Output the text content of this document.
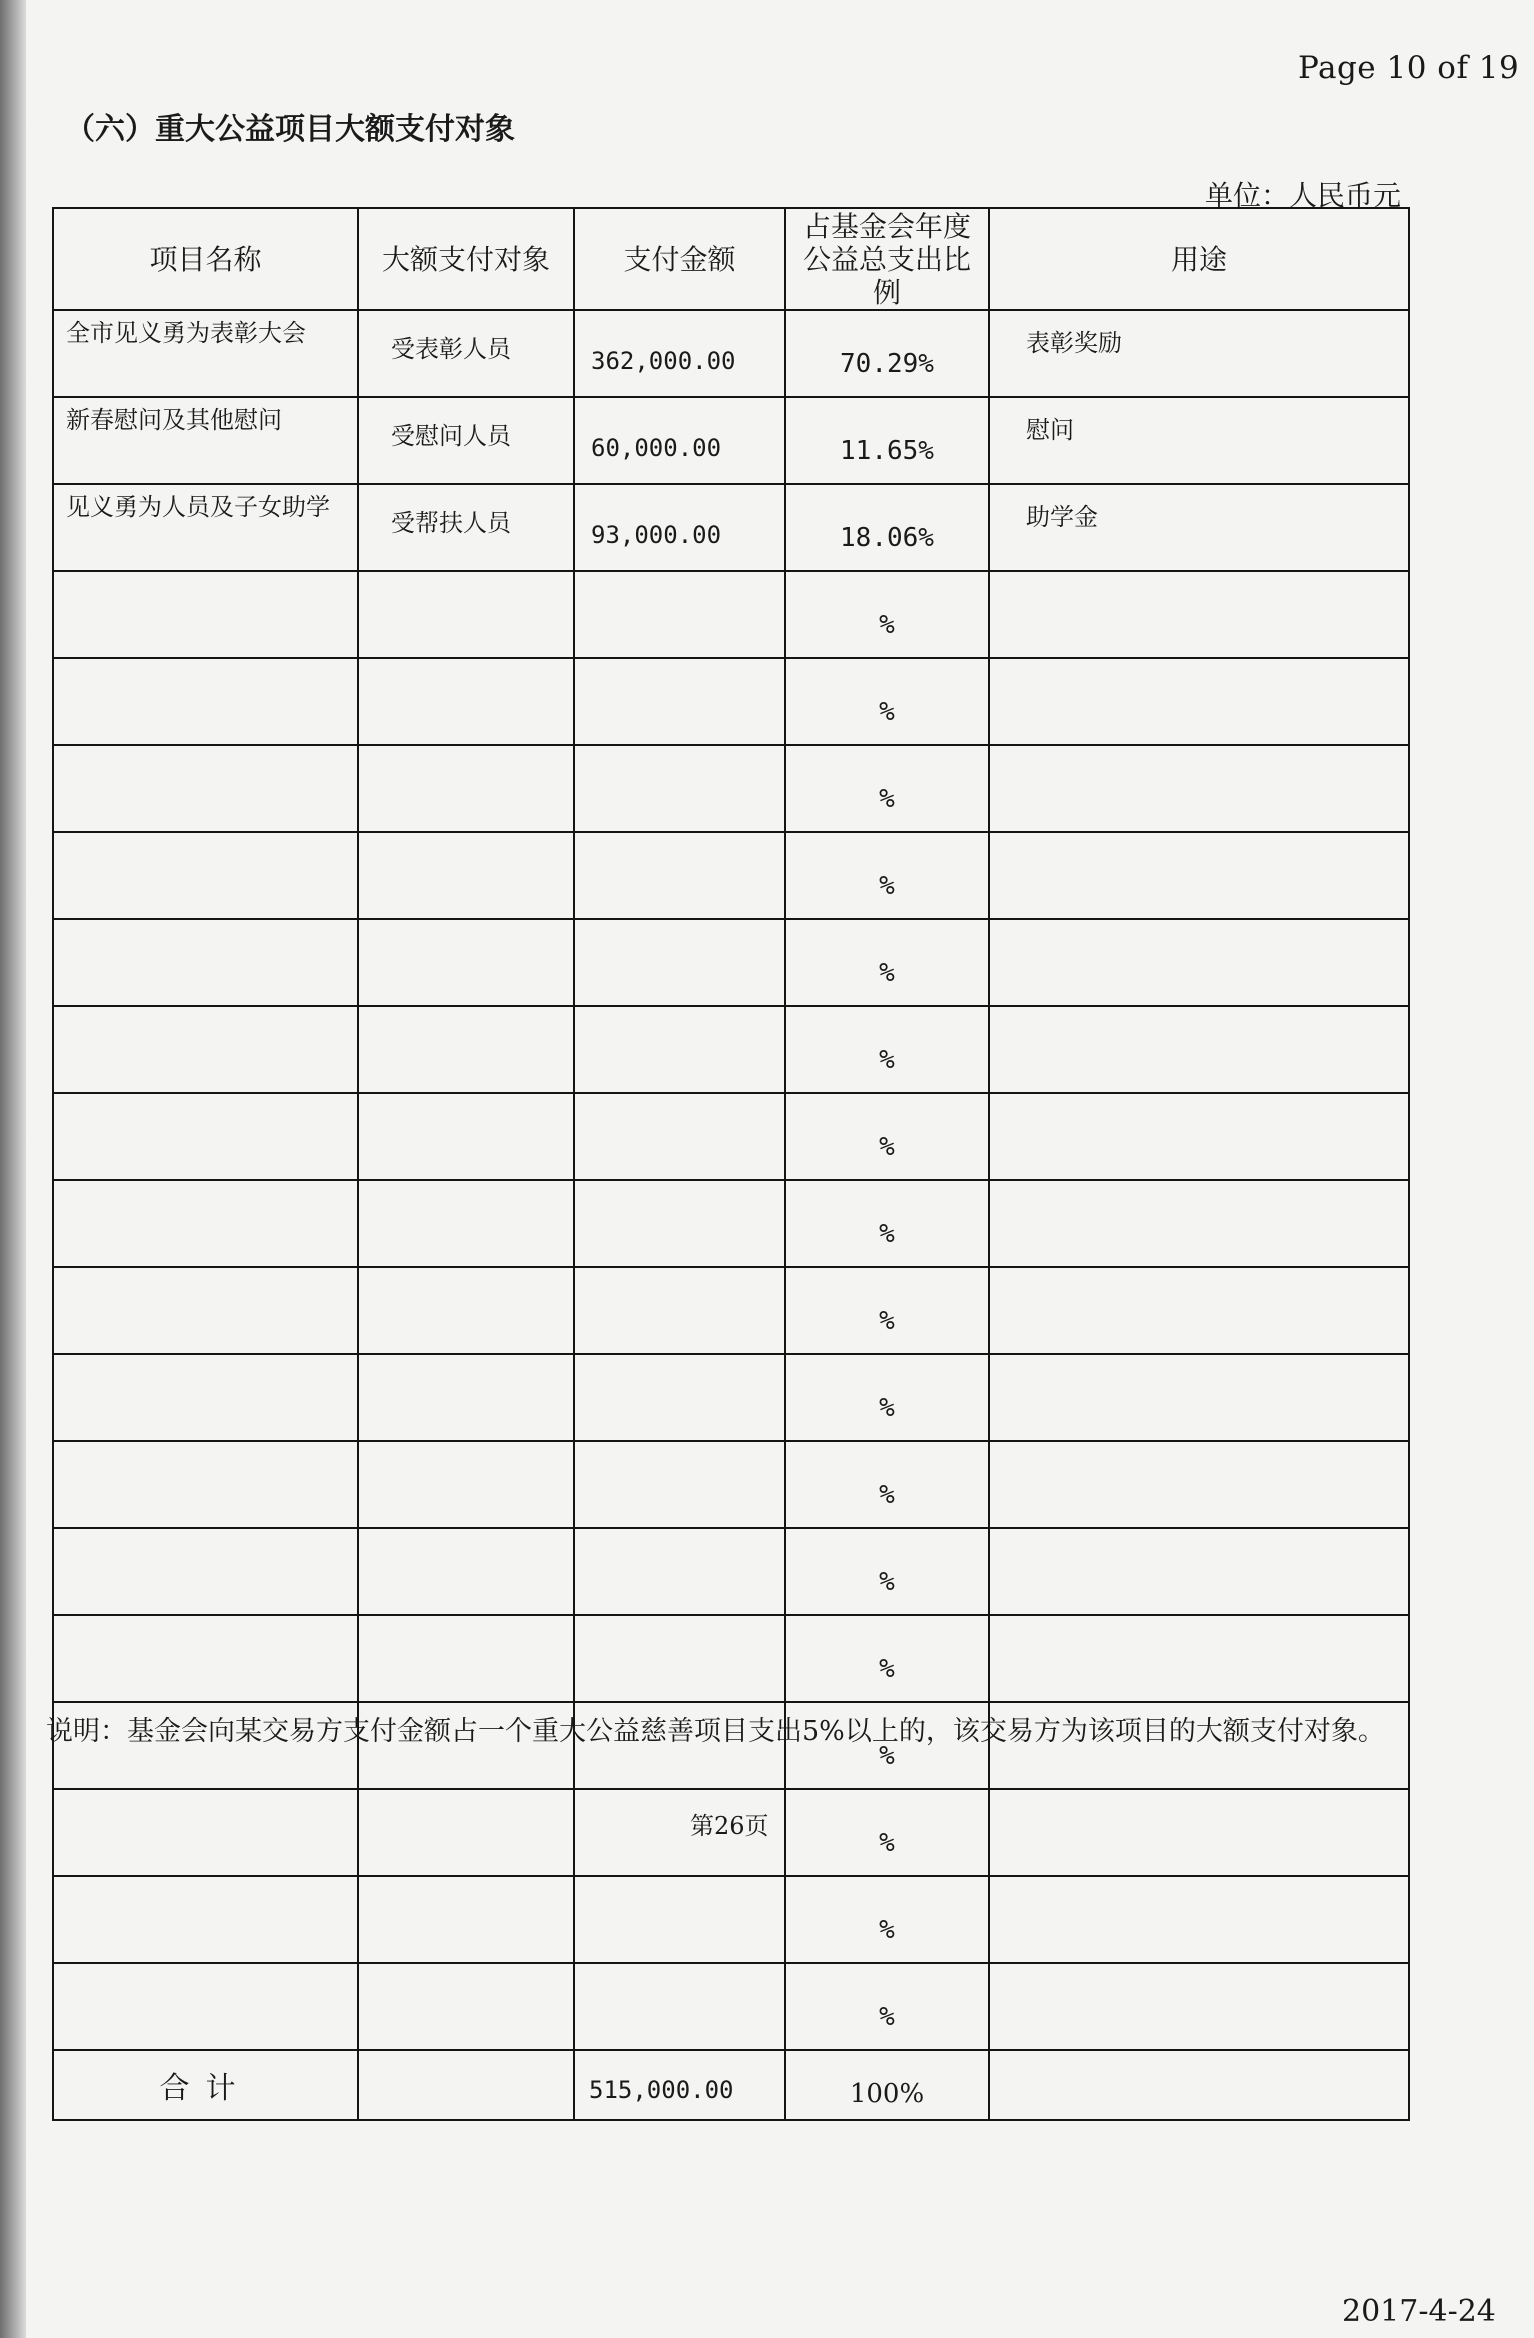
Page 10 of 19
（六）重大公益项目大额支付对象
单位：人民币元
项目名称	大额支付对象	支付金额	占基金会年度公益总支出比例	用途
全市见义勇为表彰大会	受表彰人员	362,000.00	70.29%	表彰奖励
新春慰问及其他慰问	受慰问人员	60,000.00	11.65%	慰问
见义勇为人员及子女助学	受帮扶人员	93,000.00	18.06%	助学金
			%	
			%	
			%	
			%	
			%	
			%	
			%	
			%	
			%	
			%	
			%	
			%	
			%	
			%	
			%	
			%	
			%	
合计		515,000.00	100%	
说明：基金会向某交易方支付金额占一个重大公益慈善项目支出5%以上的，该交易方为该项目的大额支付对象。
第26页
2017-4-24
